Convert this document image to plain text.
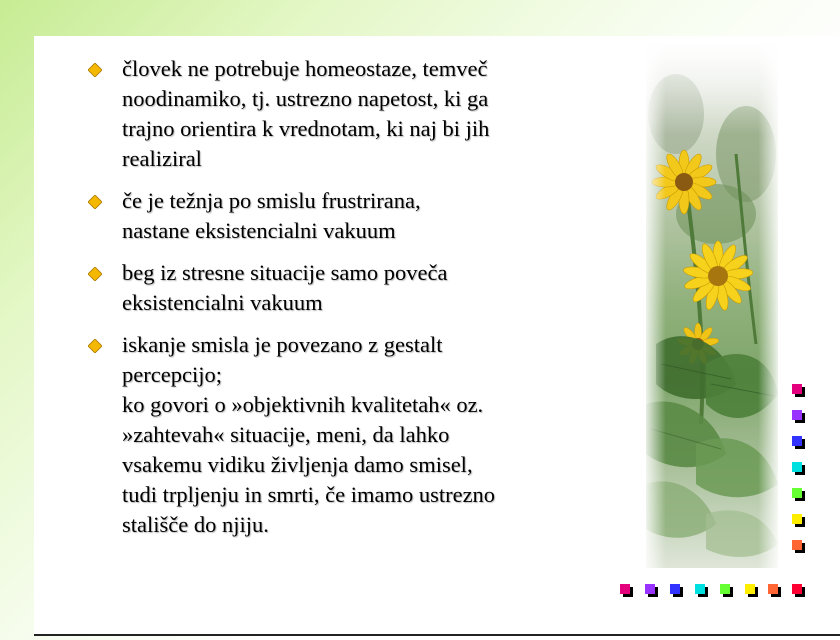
človek ne potrebuje homeostaze, temveč
noodinamiko, tj. ustrezno napetost, ki ga
trajno orientira k vrednotam, ki naj bi jih
realiziral
če je težnja po smislu frustrirana,
nastane eksistencialni vakuum
beg iz stresne situacije samo poveča
eksistencialni vakuum
iskanje smisla je povezano z gestalt
percepcijo;
ko govori o »objektivnih kvalitetah« oz.
»zahtevah« situacije, meni, da lahko
vsakemu vidiku življenja damo smisel,
tudi trpljenju in smrti, če imamo ustrezno
stališče do njiju.
